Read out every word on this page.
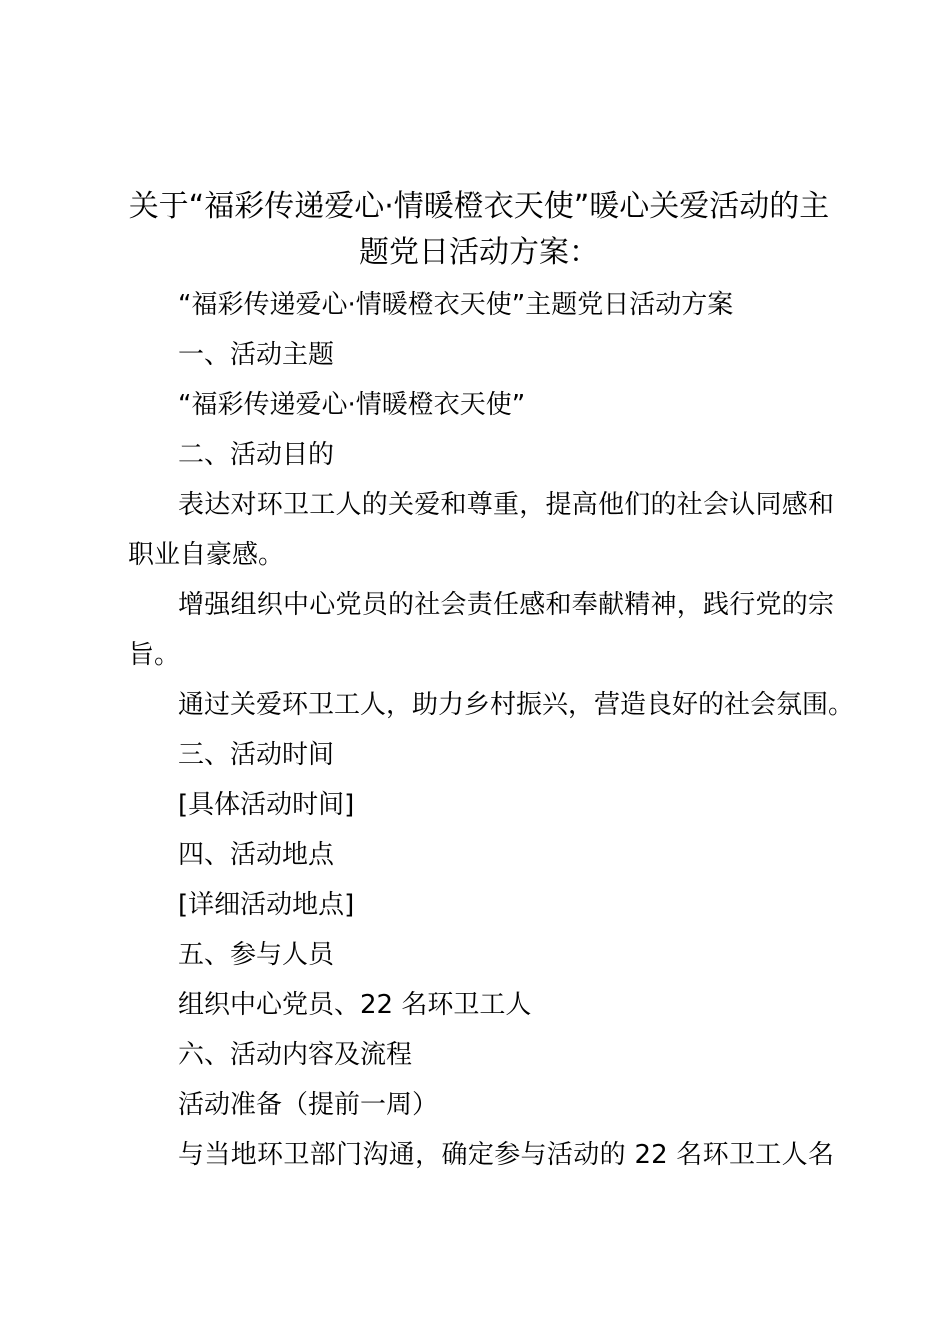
关于“福彩传递爱心·情暖橙衣天使”暖心关爱活动的主
题党日活动方案：

“福彩传递爱心·情暖橙衣天使”主题党日活动方案

一、活动主题

“福彩传递爱心·情暖橙衣天使”

二、活动目的

表达对环卫工人的关爱和尊重，提高他们的社会认同感和

职业自豪感。

增强组织中心党员的社会责任感和奉献精神，践行党的宗

旨。

通过关爱环卫工人，助力乡村振兴，营造良好的社会氛围。

三、活动时间

[具体活动时间]

四、活动地点

[详细活动地点]

五、参与人员

组织中心党员、22 名环卫工人

六、活动内容及流程

活动准备（提前一周）

与当地环卫部门沟通，确定参与活动的 22 名环卫工人名
